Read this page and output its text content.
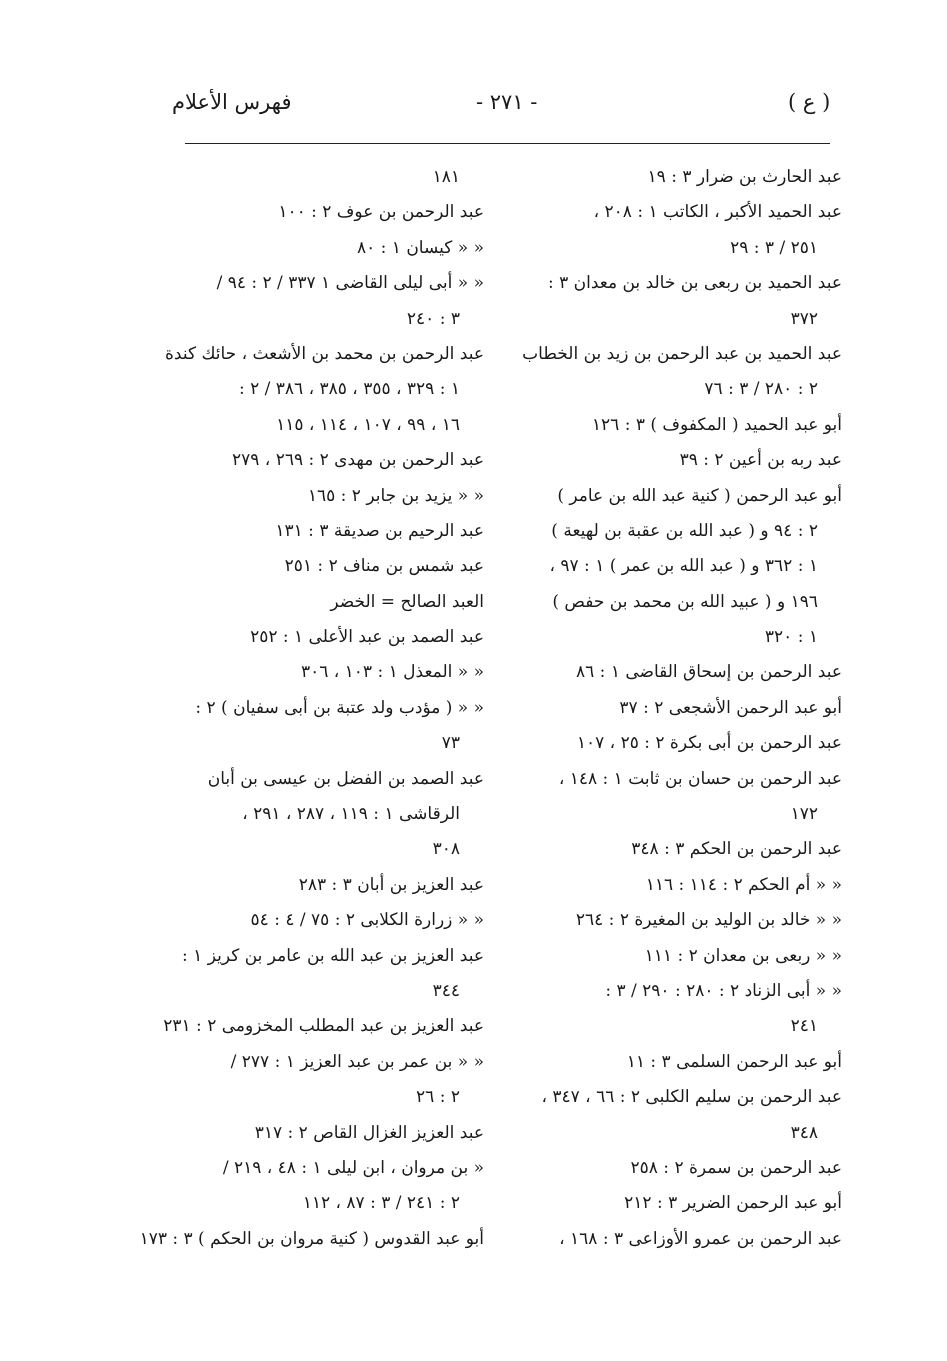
فهرس الأعلام	- ٢٧١ -	( ع )
عبد الحارث بن ضرار ٣ : ١٩
عبد الحميد الأكبر ، الكاتب ١ : ٢٠٨ ،
٢٥١ / ٣ : ٢٩
عبد الحميد بن ربعى بن خالد بن معدان ٣ :
٣٧٢
عبد الحميد بن عبد الرحمن بن زيد بن الخطاب
٢ : ٢٨٠ / ٣ : ٧٦
أبو عبد الحميد ( المكفوف ) ٣ : ١٢٦
عبد ربه بن أعين ٢ : ٣٩
أبو عبد الرحمن ( كنية عبد الله بن عامر )
٢ : ٩٤ و ( عبد الله بن عقبة بن لهيعة )
١ : ٣٦٢ و ( عبد الله بن عمر ) ١ : ٩٧ ،
١٩٦ و ( عبيد الله بن محمد بن حفص )
١ : ٣٢٠
عبد الرحمن بن إسحاق القاضى ١ : ٨٦
أبو عبد الرحمن الأشجعى ٢ : ٣٧
عبد الرحمن بن أبى بكرة ٢ : ٢٥ ، ١٠٧
عبد الرحمن بن حسان بن ثابت ١ : ١٤٨ ،
١٧٢
عبد الرحمن بن الحكم ٣ : ٣٤٨
« « أم الحكم ٢ : ١١٤ : ١١٦
« « خالد بن الوليد بن المغيرة ٢ : ٢٦٤
« « ربعى بن معدان ٢ : ١١١
« « أبى الزناد ٢ : ٢٨٠ : ٢٩٠ / ٣ :
٢٤١
أبو عبد الرحمن السلمى ٣ : ١١
عبد الرحمن بن سليم الكلبى ٢ : ٦٦ ، ٣٤٧ ،
٣٤٨
عبد الرحمن بن سمرة ٢ : ٢٥٨
أبو عبد الرحمن الضرير ٣ : ٢١٢
عبد الرحمن بن عمرو الأوزاعى ٣ : ١٦٨ ،
١٨١
عبد الرحمن بن عوف ٢ : ١٠٠
« « كيسان ١ : ٨٠
« « أبى ليلى القاضى ١ ٣٣٧ / ٢ : ٩٤ /
٣ : ٢٤٠
عبد الرحمن بن محمد بن الأشعث ، حائك كندة
١ : ٣٢٩ ، ٣٥٥ ، ٣٨٥ ، ٣٨٦ / ٢ :
١٦ ، ٩٩ ، ١٠٧ ، ١١٤ ، ١١٥
عبد الرحمن بن مهدى ٢ : ٢٦٩ ، ٢٧٩
« « يزيد بن جابر ٢ : ١٦٥
عبد الرحيم بن صديقة ٣ : ١٣١
عبد شمس بن مناف ٢ : ٢٥١
العبد الصالح = الخضر
عبد الصمد بن عبد الأعلى ١ : ٢٥٢
« « المعذل ١ : ١٠٣ ، ٣٠٦
« « ( مؤدب ولد عتبة بن أبى سفيان ) ٢ :
٧٣
عبد الصمد بن الفضل بن عيسى بن أبان
الرقاشى ١ : ١١٩ ، ٢٨٧ ، ٢٩١ ،
٣٠٨
عبد العزيز بن أبان ٣ : ٢٨٣
« « زرارة الكلابى ٢ : ٧٥ / ٤ : ٥٤
عبد العزيز بن عبد الله بن عامر بن كريز ١ :
٣٤٤
عبد العزيز بن عبد المطلب المخزومى ٢ : ٢٣١
« « بن عمر بن عبد العزيز ١ : ٢٧٧ /
٢ : ٢٦
عبد العزيز الغزال القاص ٢ : ٣١٧
« بن مروان ، ابن ليلى ١ : ٤٨ ، ٢١٩ /
٢ : ٢٤١ / ٣ : ٨٧ ، ١١٢
أبو عبد القدوس ( كنية مروان بن الحكم ) ٣ : ١٧٣
